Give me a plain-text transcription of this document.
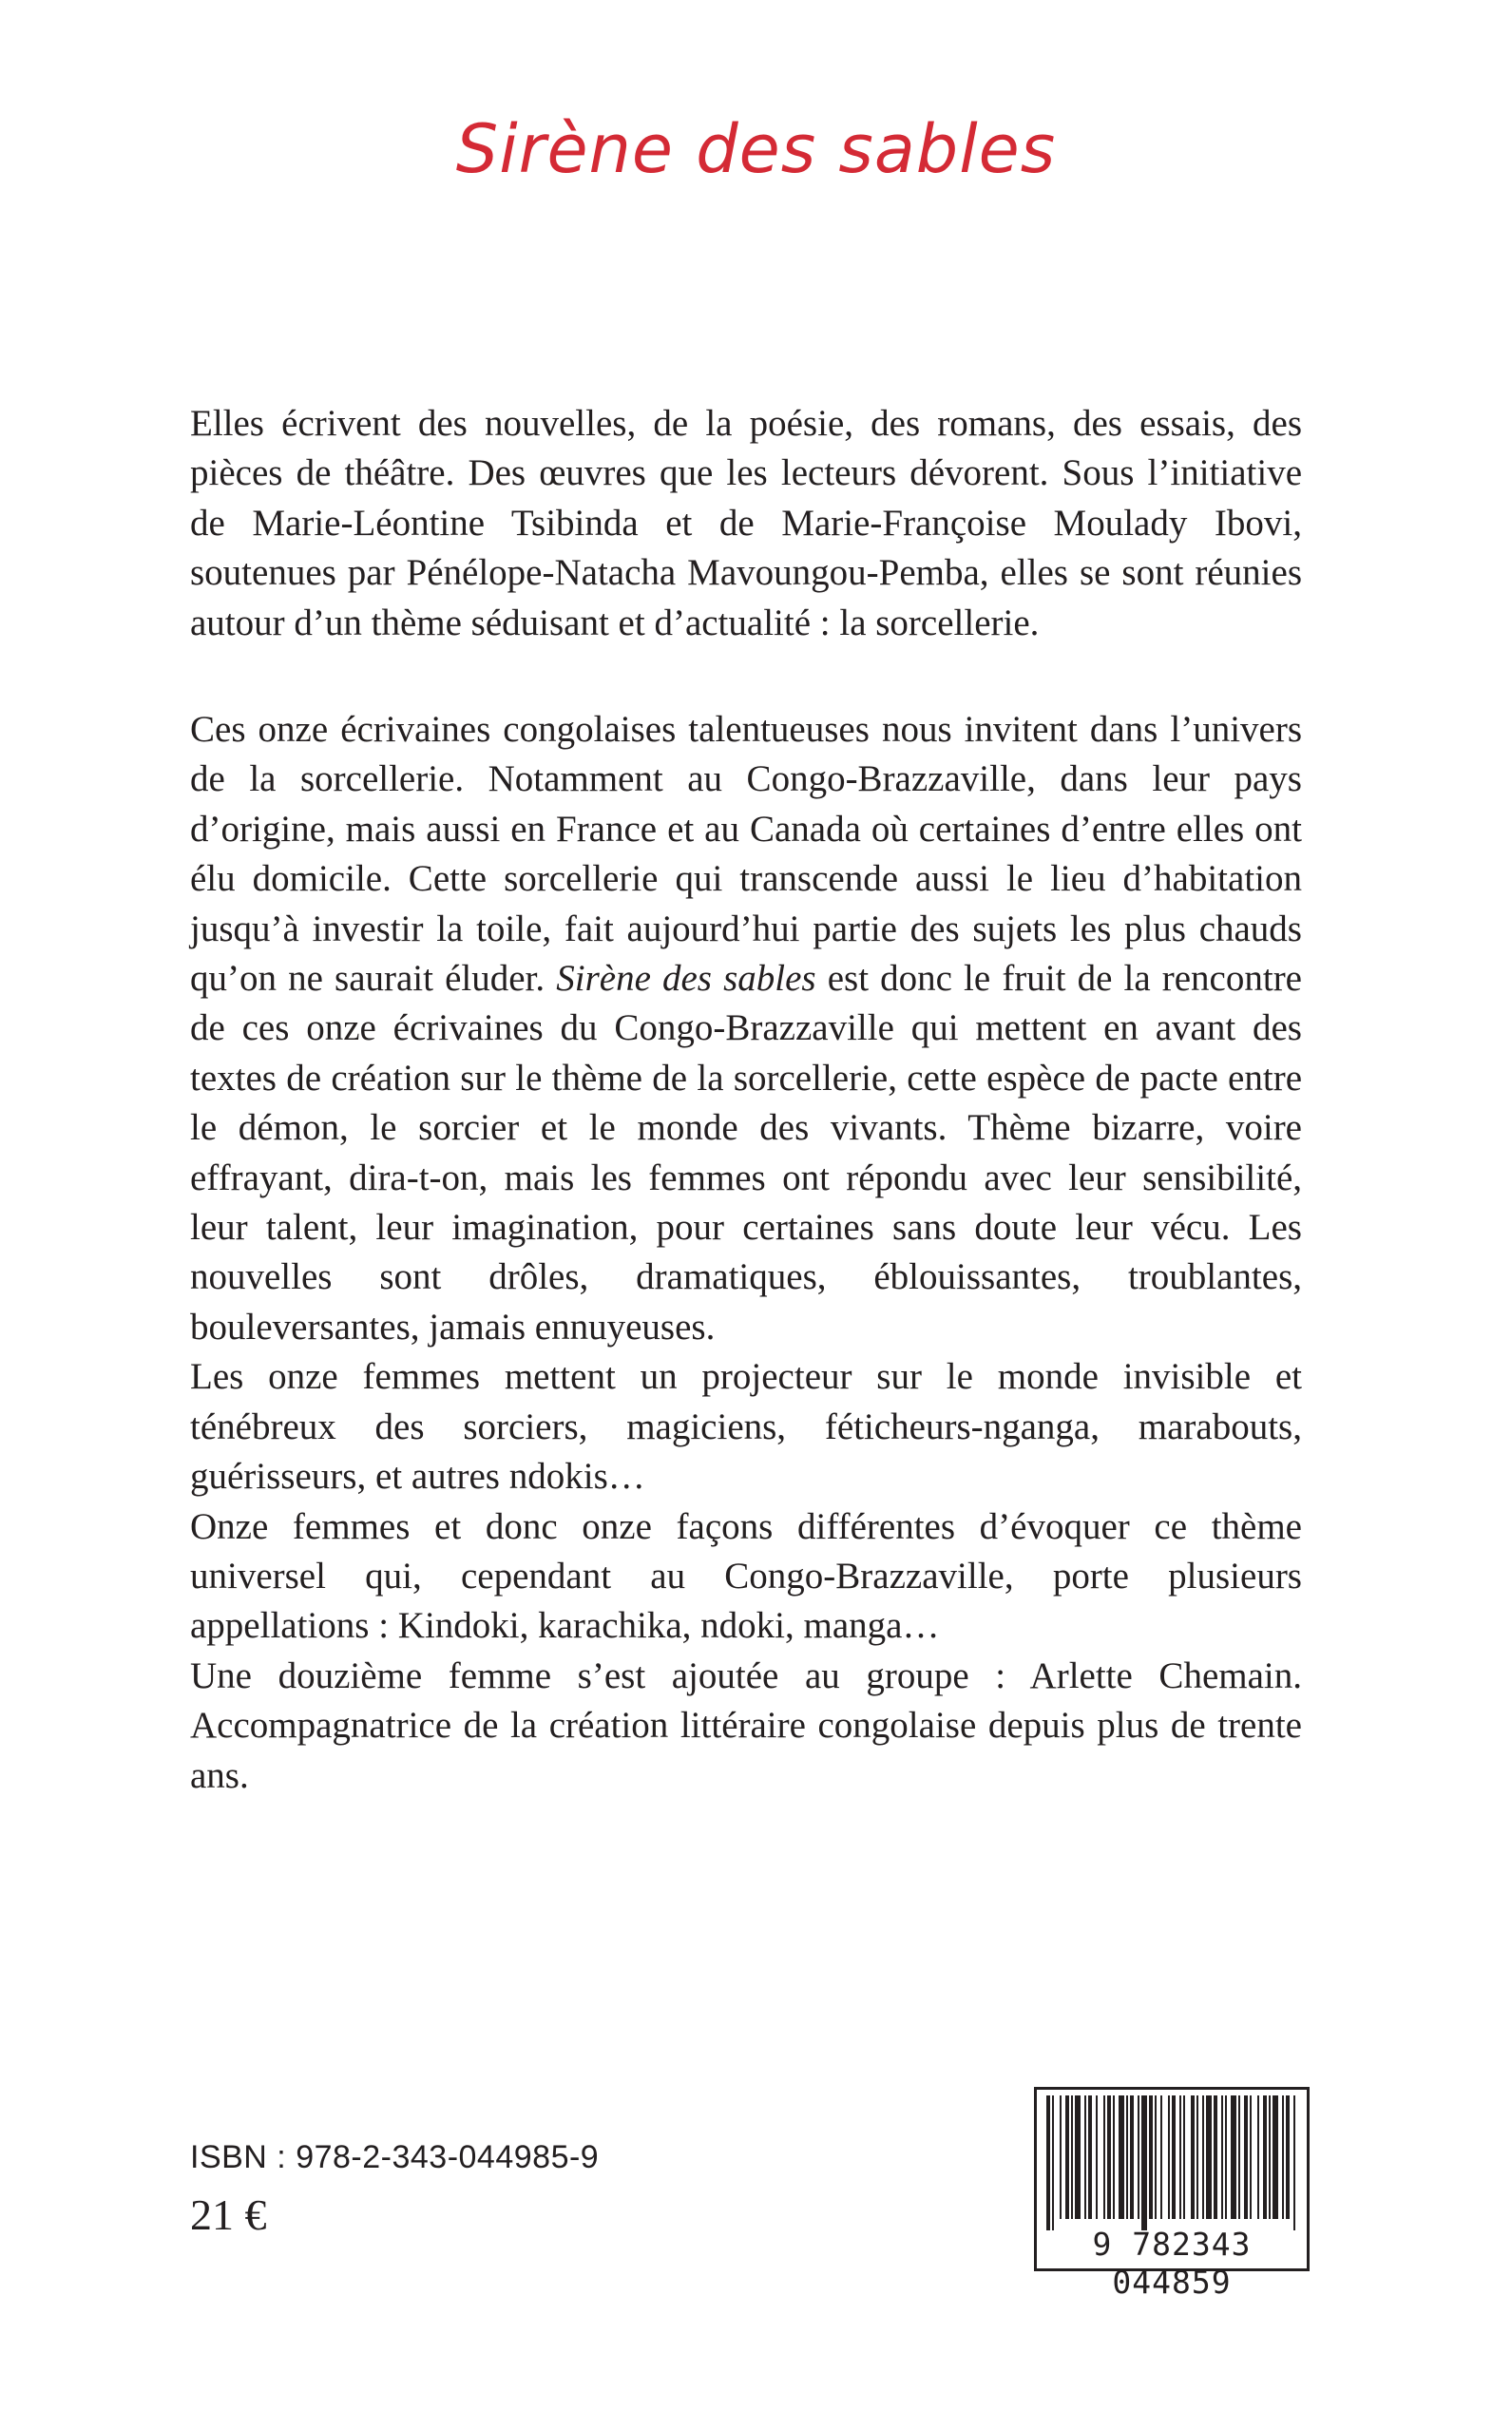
Sirène des sables

Elles écrivent des nouvelles, de la poésie, des romans, des essais, des pièces de théâtre. Des œuvres que les lecteurs dévorent. Sous l’initiative de Marie-Léontine Tsibinda et de Marie-Françoise Moulady Ibovi, soutenues par Pénélope-Natacha Mavoungou-Pemba, elles se sont réunies autour d’un thème séduisant et d’actualité : la sorcellerie.

Ces onze écrivaines congolaises talentueuses nous invitent dans l’univers de la sorcellerie. Notamment au Congo-Brazzaville, dans leur pays d’origine, mais aussi en France et au Canada où certaines d’entre elles ont élu domicile. Cette sorcellerie qui transcende aussi le lieu d’habitation jusqu’à investir la toile, fait aujourd’hui partie des sujets les plus chauds qu’on ne saurait éluder. Sirène des sables est donc le fruit de la rencontre de ces onze écrivaines du Congo-Brazzaville qui mettent en avant des textes de création sur le thème de la sorcellerie, cette espèce de pacte entre le démon, le sorcier et le monde des vivants. Thème bizarre, voire effrayant, dira-t-on, mais les femmes ont répondu avec leur sensibilité, leur talent, leur imagination, pour certaines sans doute leur vécu. Les nouvelles sont drôles, dramatiques, éblouissantes, troublantes, bouleversantes, jamais ennuyeuses.

Les onze femmes mettent un projecteur sur le monde invisible et ténébreux des sorciers, magiciens, féticheurs-nganga, marabouts, guérisseurs, et autres ndokis…

Onze femmes et donc onze façons différentes d’évoquer ce thème universel qui, cependant au Congo-Brazzaville, porte plusieurs appellations : Kindoki, karachika, ndoki, manga…

Une douzième femme s’est ajoutée au groupe : Arlette Chemain. Accompagnatrice de la création littéraire congolaise depuis plus de trente ans.

ISBN : 978-2-343-044985-9
21 €
9 782343 044859
